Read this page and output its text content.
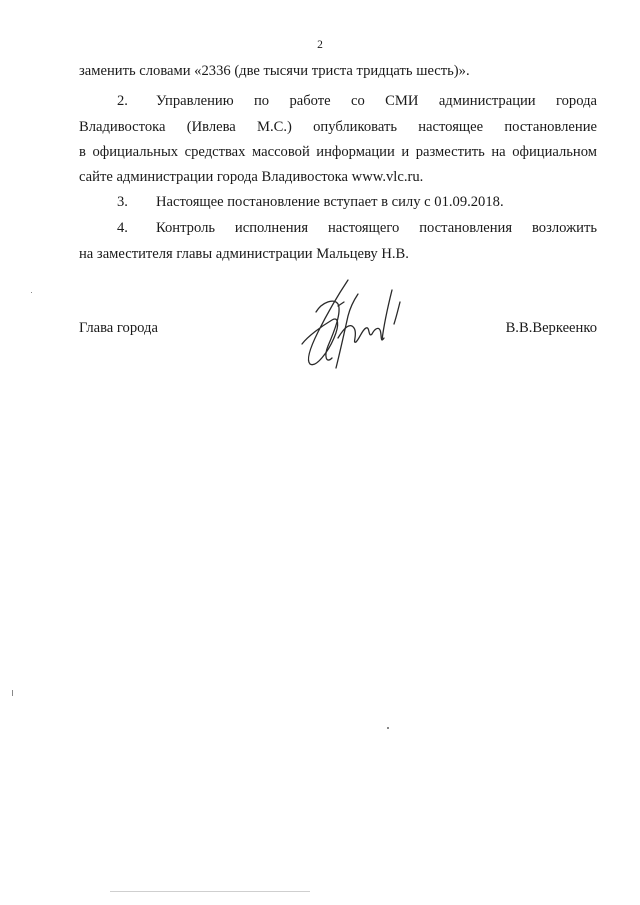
2
заменить словами «2336 (две тысячи триста тридцать шесть)».
2. Управлению по работе со СМИ администрации города
Владивостока (Ивлева М.С.) опубликовать настоящее постановление
в официальных средствах массовой информации и разместить на официальном
сайте администрации города Владивостока www.vlc.ru.
3. Настоящее постановление вступает в силу с 01.09.2018.
4. Контроль исполнения настоящего постановления возложить
на заместителя главы администрации Мальцеву Н.В.
Глава города	В.В.Веркеенко
